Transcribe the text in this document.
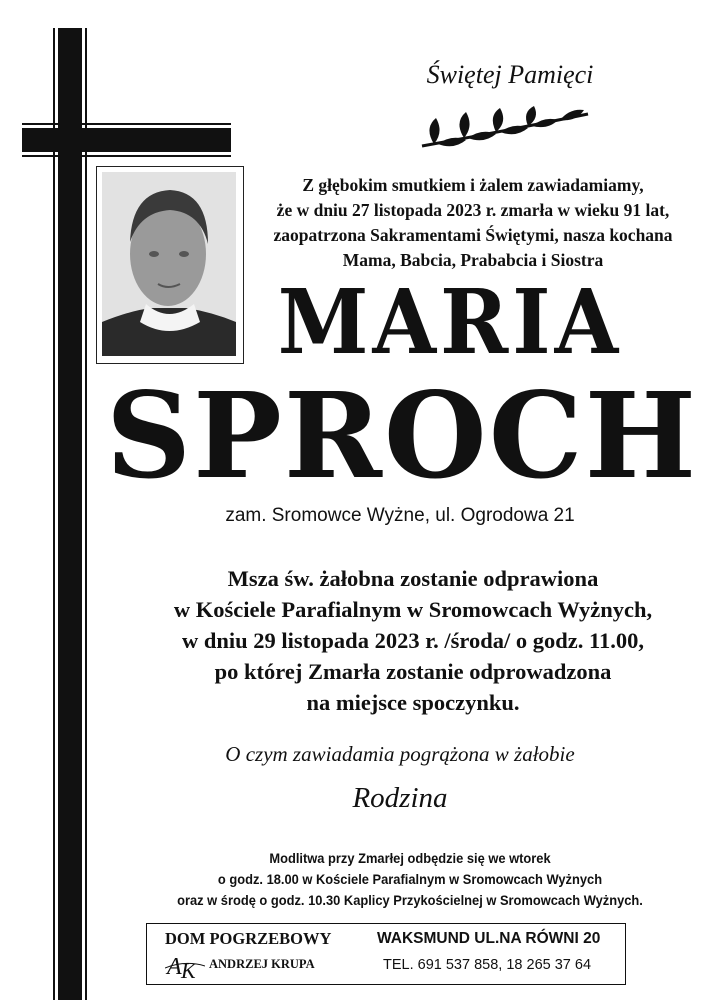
Świętej Pamięci
Z głębokim smutkiem i żalem zawiadamiamy,
że w dniu 27 listopada 2023 r. zmarła w wieku 91 lat,
zaopatrzona Sakramentami Świętymi, nasza kochana
Mama, Babcia, Prababcia i Siostra
MARIA
SPROCH
zam. Sromowce Wyżne, ul. Ogrodowa 21
Msza św. żałobna zostanie odprawiona
w Kościele Parafialnym w Sromowcach Wyżnych,
w dniu 29 listopada 2023 r. /środa/ o godz. 11.00,
po której Zmarła zostanie odprowadzona
na miejsce spoczynku.
O czym zawiadamia pogrążona w żałobie
Rodzina
Modlitwa przy Zmarłej odbędzie się we wtorek
o godz. 18.00 w Kościele Parafialnym w Sromowcach Wyżnych
oraz w środę o godz. 10.30 Kaplicy Przykościelnej w Sromowcach Wyżnych.
DOM POGRZEBOWY
A K ANDRZEJ KRUPA
WAKSMUND UL.NA RÓWNI 20
TEL. 691 537 858, 18 265 37 64
